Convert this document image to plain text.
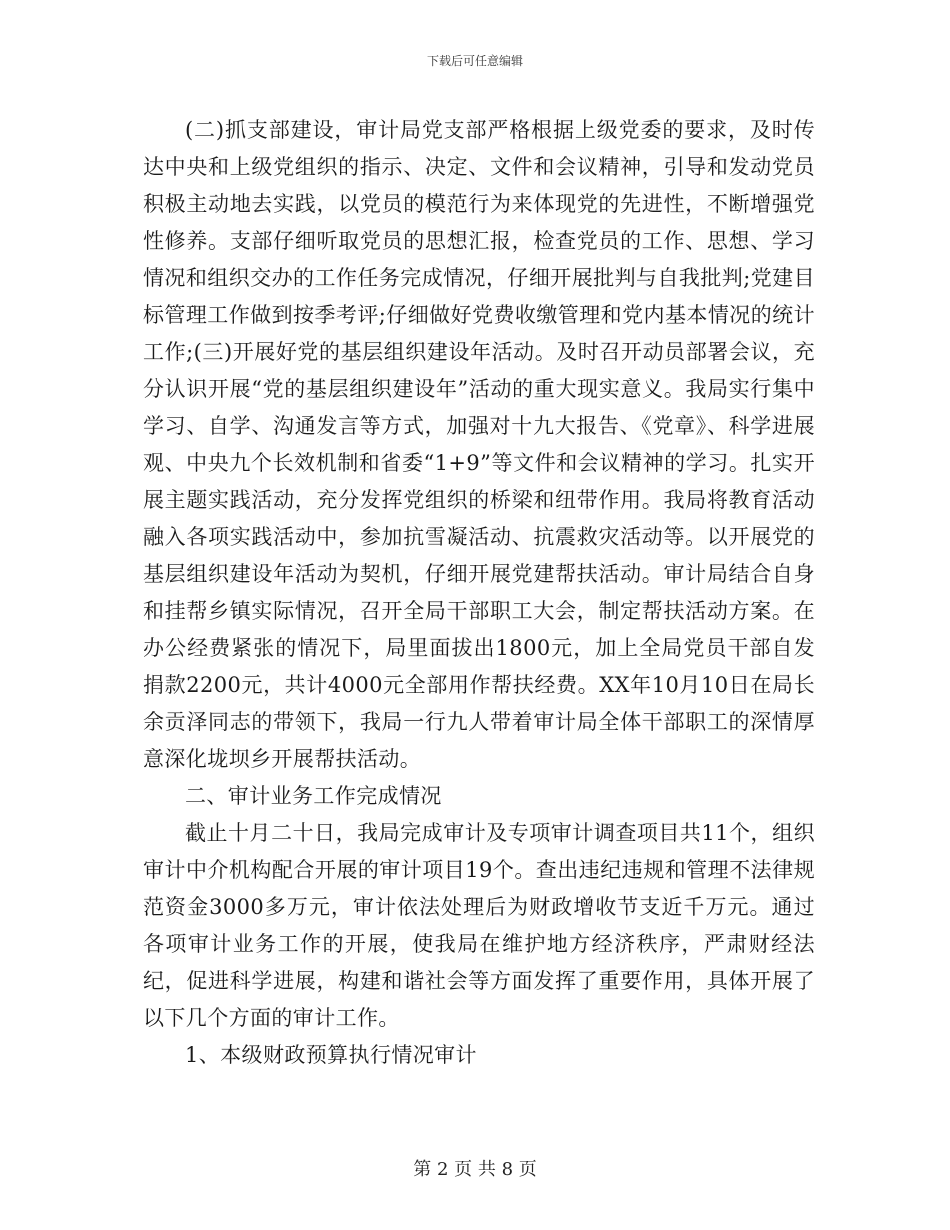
下载后可任意编辑

(二)抓支部建设，审计局党支部严格根据上级党委的要求，及时传达中央和上级党组织的指示、决定、文件和会议精神，引导和发动党员积极主动地去实践，以党员的模范行为来体现党的先进性，不断增强党性修养。支部仔细听取党员的思想汇报，检查党员的工作、思想、学习情况和组织交办的工作任务完成情况，仔细开展批判与自我批判;党建目标管理工作做到按季考评;仔细做好党费收缴管理和党内基本情况的统计工作;(三)开展好党的基层组织建设年活动。及时召开动员部署会议，充分认识开展“党的基层组织建设年”活动的重大现实意义。我局实行集中学习、自学、沟通发言等方式，加强对十九大报告、《党章》、科学进展观、中央九个长效机制和省委“1+9”等文件和会议精神的学习。扎实开展主题实践活动，充分发挥党组织的桥梁和纽带作用。我局将教育活动融入各项实践活动中，参加抗雪凝活动、抗震救灾活动等。以开展党的基层组织建设年活动为契机，仔细开展党建帮扶活动。审计局结合自身和挂帮乡镇实际情况，召开全局干部职工大会，制定帮扶活动方案。在办公经费紧张的情况下，局里面拔出1800元，加上全局党员干部自发捐款2200元，共计4000元全部用作帮扶经费。XX年10月10日在局长余贡泽同志的带领下，我局一行九人带着审计局全体干部职工的深情厚意深化垅坝乡开展帮扶活动。

二、审计业务工作完成情况

截止十月二十日，我局完成审计及专项审计调查项目共11个，组织审计中介机构配合开展的审计项目19个。查出违纪违规和管理不法律规范资金3000多万元，审计依法处理后为财政增收节支近千万元。通过各项审计业务工作的开展，使我局在维护地方经济秩序，严肃财经法纪，促进科学进展，构建和谐社会等方面发挥了重要作用，具体开展了以下几个方面的审计工作。

1、本级财政预算执行情况审计

第 2 页 共 8 页
